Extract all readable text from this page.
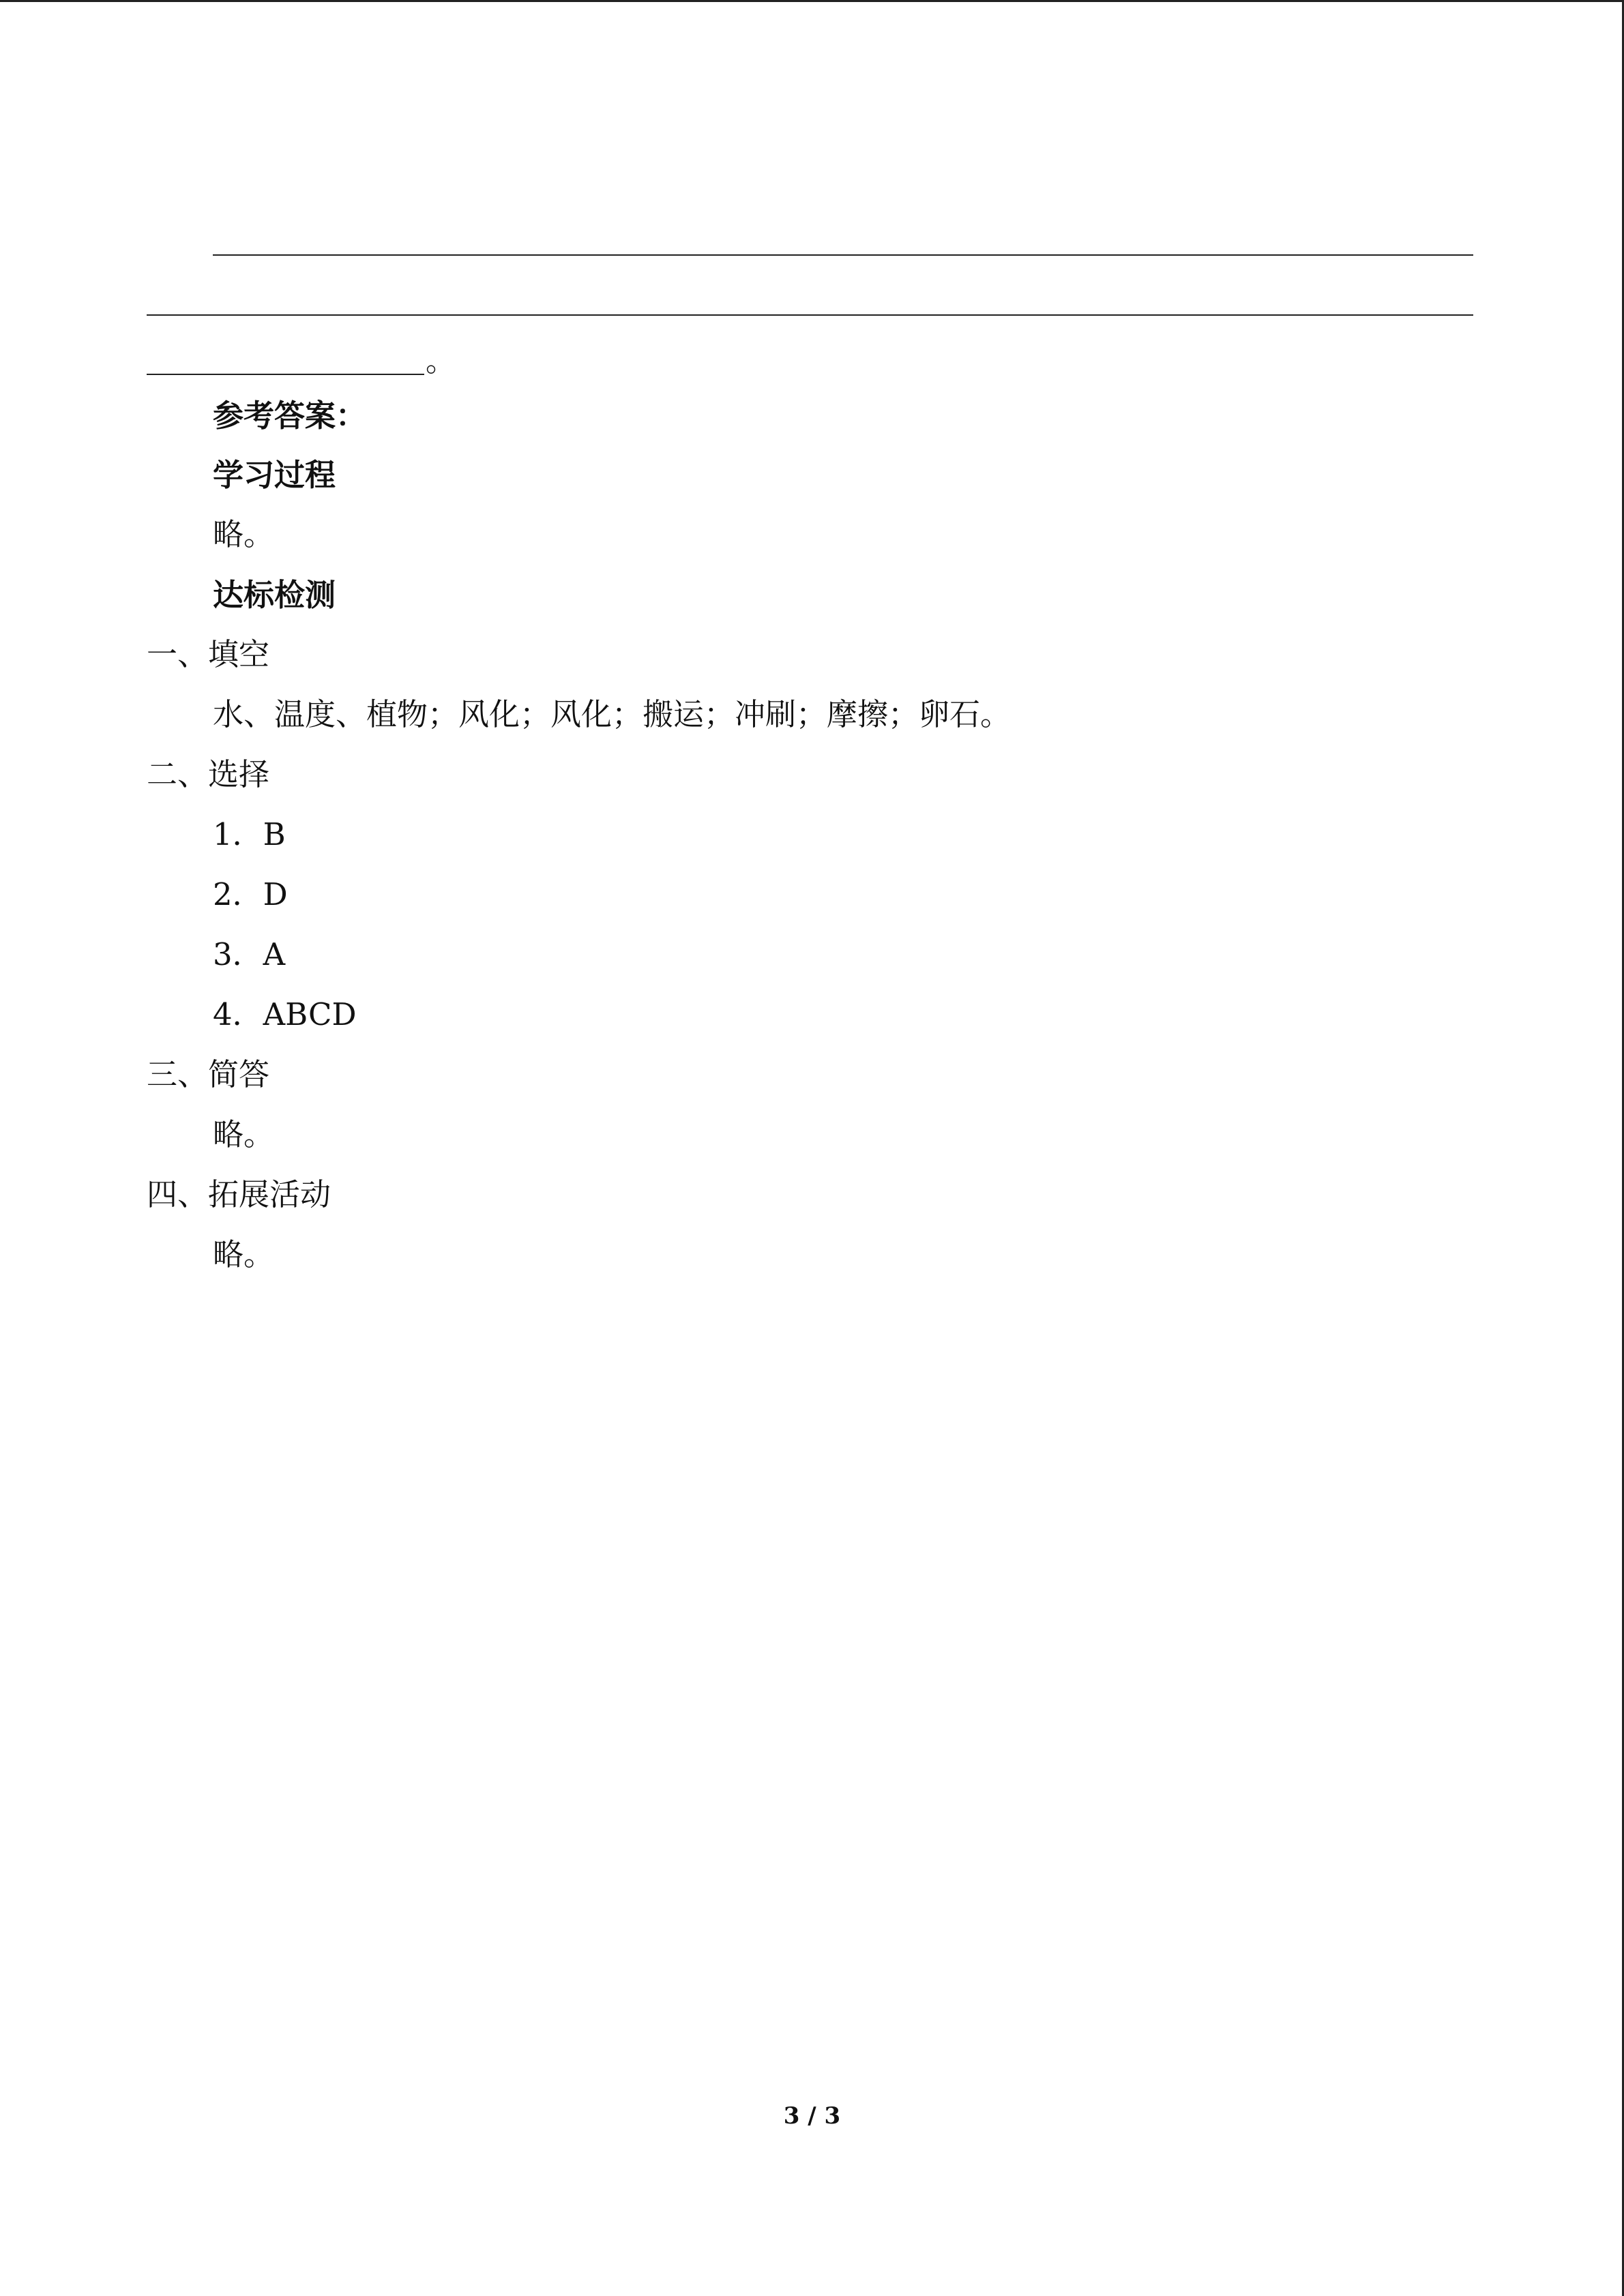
。
参考答案：
学习过程
略。
达标检测
一、填空
水、温度、植物；风化；风化；搬运；冲刷；摩擦；卵石。
二、选择
1．B
2．D
3．A
4．ABCD
三、简答
略。
四、拓展活动
略。
3 / 3
